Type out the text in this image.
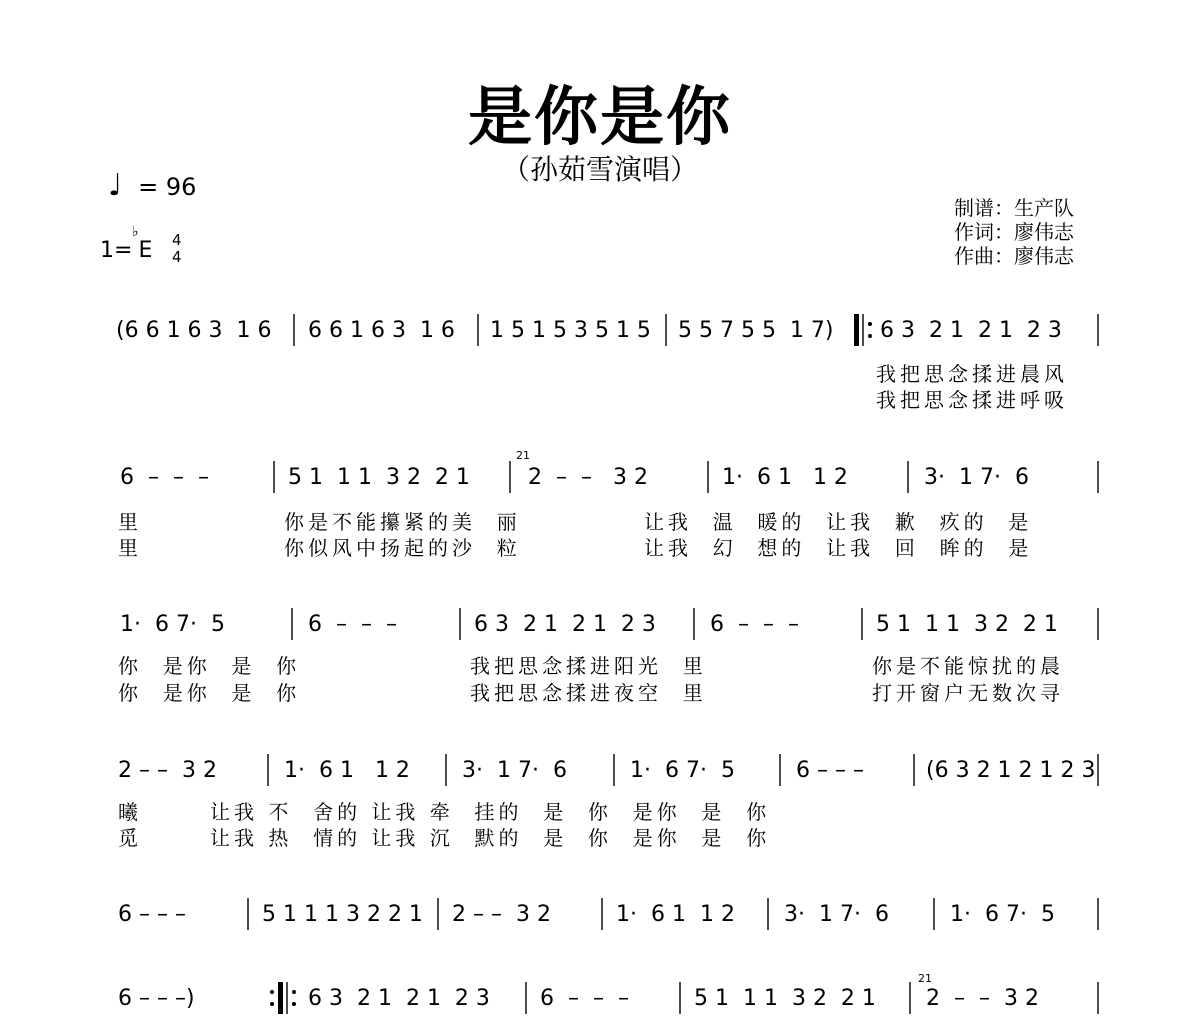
是你是你
（孙茹雪演唱）
♩ = 96
1=
♭
E 4
4
制谱：生产队
作词：廖伟志
作曲：廖伟志
(6 6 1 6 3  1 6 6 6 1 6 3  1 6 1 5 1 5 3 5 1 5 5 5 7 5 5  1 7) 6 3  2 1  2 1  2 3
我把思念揉进晨风
我把思念揉进呼吸
6  –  –  –	5 1  1 1  3 2  2 1	2  –  –   3 2	1·  6 1   1 2	3·  1 7·  6
21
里	你是不能攥紧的美  丽	让我  温  暖的  让我  歉  疚的  是
里	你似风中扬起的沙  粒	让我  幻  想的  让我  回  眸的  是
1·  6 7·  5	6  –  –  –	6 3  2 1  2 1  2 3 6  –  –  –	5 1  1 1  3 2  2 1
你  是你  是  你	我把思念揉进阳光  里	你是不能惊扰的晨
你  是你  是  你	我把思念揉进夜空  里	打开窗户无数次寻
2 – –  3 2	1·  6 1   1 2 3·  1 7·  6	1·  6 7·  5	6 – – –	(6 3 2 1 2 1 2 3
曦	让我 不  舍的 让我 牵  挂的  是  你  是你  是  你
觅	让我 热  情的 让我 沉  默的  是  你  是你  是  你
6 – – –	5 1 1 1 3 2 2 1 2 – –  3 2	1·  6 1  1 2 3·  1 7·  6	1·  6 7·  5
6 – – –)	6 3  2 1  2 1  2 3 6  –  –  –	5 1  1 1  3 2  2 1 2  –  –  3 2
21
